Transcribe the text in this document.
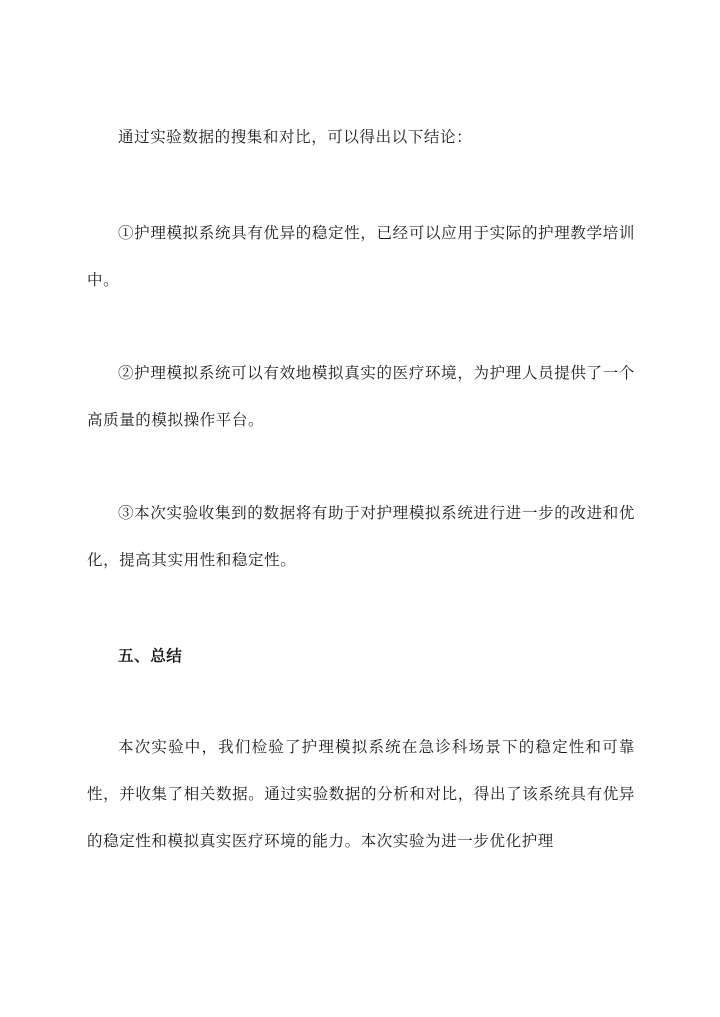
通过实验数据的搜集和对比，可以得出以下结论：

①护理模拟系统具有优异的稳定性，已经可以应用于实际的护理教学培训中。

②护理模拟系统可以有效地模拟真实的医疗环境，为护理人员提供了一个高质量的模拟操作平台。

③本次实验收集到的数据将有助于对护理模拟系统进行进一步的改进和优化，提高其实用性和稳定性。

五、总结

本次实验中，我们检验了护理模拟系统在急诊科场景下的稳定性和可靠性，并收集了相关数据。通过实验数据的分析和对比，得出了该系统具有优异的稳定性和模拟真实医疗环境的能力。本次实验为进一步优化护理
